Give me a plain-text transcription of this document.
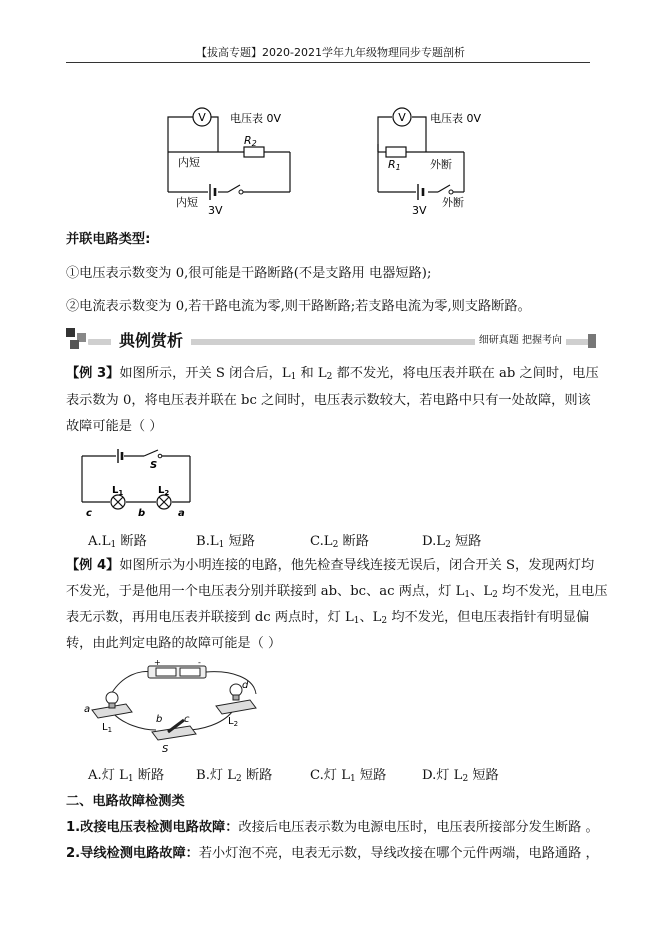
【拔高专题】2020-2021学年九年级物理同步专题剖析
V 电压表 0V
内短
R2
内短
3V
V 电压表 0V
R1	外断
3V
外断
并联电路类型:
①电压表示数变为 0,很可能是干路断路(不是支路用 电器短路);
②电流表示数变为 0,若干路电流为零,则干路断路;若支路电流为零,则支路断路。
典例赏析	细研真题 把握考向
【例 3】如图所示，开关 S 闭合后，$L_1$ 和 $L_2$ 都不发光，将电压表并联在 ab 之间时，电压
表示数为 0，将电压表并联在 bc 之间时，电压表示数较大，若电路中只有一处故障，则该
故障可能是（ ）
S
$L_1$	$L_2$
c	b	a
$A.L_1$ 断路	$B.L_1$ 短路	$C.L_2$ 断路	$D.L_2$ 短路
【例 4】如图所示为小明连接的电路，他先检查导线连接无误后，闭合开关 S，发现两灯均
不发光，于是他用一个电压表分别并联接到 ab、bc、ac 两点，灯 $L_1$、$L_2$ 均不发光，且电压
表无示数，再用电压表并联接到 dc 两点时，灯 $L_1$、$L_2$ 均不发光，但电压表指针有明显偏
转，由此判定电路的故障可能是（ ）
+	-
a
d
b c
$L_1$
$L_2$
S
A.灯 $L_1$ 断路 B.灯 $L_2$ 断路	C.灯 $L_1$ 短路	D.灯 $L_2$ 短路
二、电路故障检测类
1.改接电压表检测电路故障：改接后电压表示数为电源电压时，电压表所接部分发生断路 。
2.导线检测电路故障：若小灯泡不亮，电表无示数，导线改接在哪个元件两端，电路通路 ，
